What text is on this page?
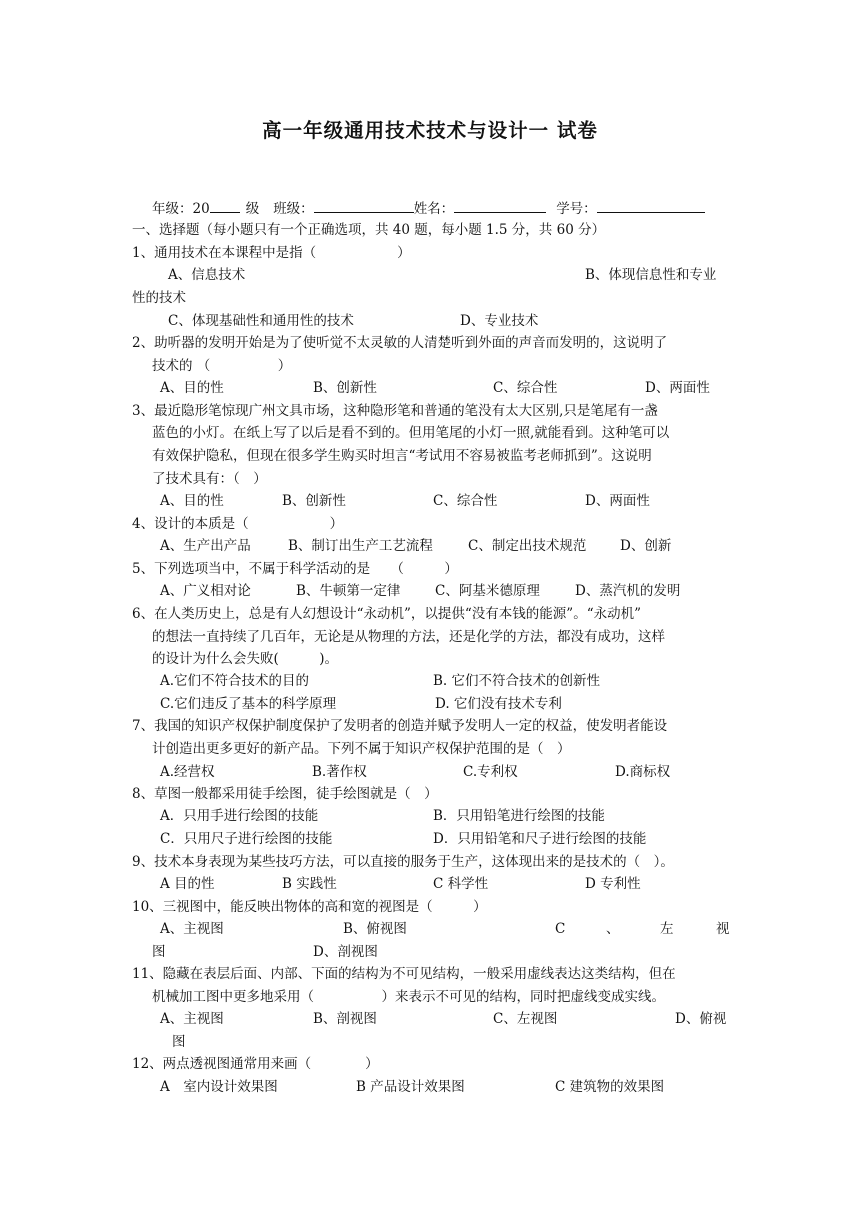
高一年级通用技术技术与设计一 试卷
年级：20	级 班级：	姓名：	学号：
一、选择题（每小题只有一个正确选项，共 40 题，每小题 1.5 分，共 60 分）
1、通用技术在本课程中是指（　　　　　　）
A、信息技术	B、体现信息性和专业
性的技术
C、体现基础性和通用性的技术	D、专业技术
2、助听器的发明开始是为了使听觉不太灵敏的人清楚听到外面的声音而发明的，这说明了
技术的 （　　　　　）
A、目的性	B、创新性	C、综合性	D、两面性
3、最近隐形笔惊现广州文具市场，这种隐形笔和普通的笔没有太大区别,只是笔尾有一盏
蓝色的小灯。在纸上写了以后是看不到的。但用笔尾的小灯一照,就能看到。这种笔可以
有效保护隐私，但现在很多学生购买时坦言“考试用不容易被监考老师抓到”。这说明
了技术具有：（　）
A、目的性	B、创新性	C、综合性	D、两面性
4、设计的本质是（　　　　　　）
A、生产出产品	B、制订出生产工艺流程	C、制定出技术规范 D、创新
5、下列选项当中，不属于科学活动的是　　（　　　）
A、广义相对论	B、牛顿第一定律	C、阿基米德原理	D、蒸汽机的发明
6、在人类历史上，总是有人幻想设计“永动机”，以提供“没有本钱的能源”。“永动机”
的想法一直持续了几百年，无论是从物理的方法，还是化学的方法，都没有成功，这样
的设计为什么会失败(　　　)。
A.它们不符合技术的目的	B. 它们不符合技术的创新性
C.它们违反了基本的科学原理	D. 它们没有技术专利
7、我国的知识产权保护制度保护了发明者的创造并赋予发明人一定的权益，使发明者能设
计创造出更多更好的新产品。下列不属于知识产权保护范围的是（　）
A.经营权	B.著作权	C.专利权	D.商标权
8、草图一般都采用徒手绘图，徒手绘图就是（　）
A．只用手进行绘图的技能	B．只用铅笔进行绘图的技能
C．只用尺子进行绘图的技能	D．只用铅笔和尺子进行绘图的技能
9、技术本身表现为某些技巧方法，可以直接的服务于生产，这体现出来的是技术的（　）。
A 目的性	B 实践性	C 科学性	D 专利性
10、三视图中，能反映出物体的高和宽的视图是（　　　）
A、主视图	B、俯视图	C	、	左	视
图	D、剖视图
11、隐藏在表层后面、内部、下面的结构为不可见结构，一般采用虚线表达这类结构，但在
机械加工图中更多地采用（　　　　　）来表示不可见的结构，同时把虚线变成实线。
A、主视图	B、剖视图	C、左视图	D、俯视
图
12、两点透视图通常用来画（　　　　）
A　室内设计效果图	B 产品设计效果图	C 建筑物的效果图
